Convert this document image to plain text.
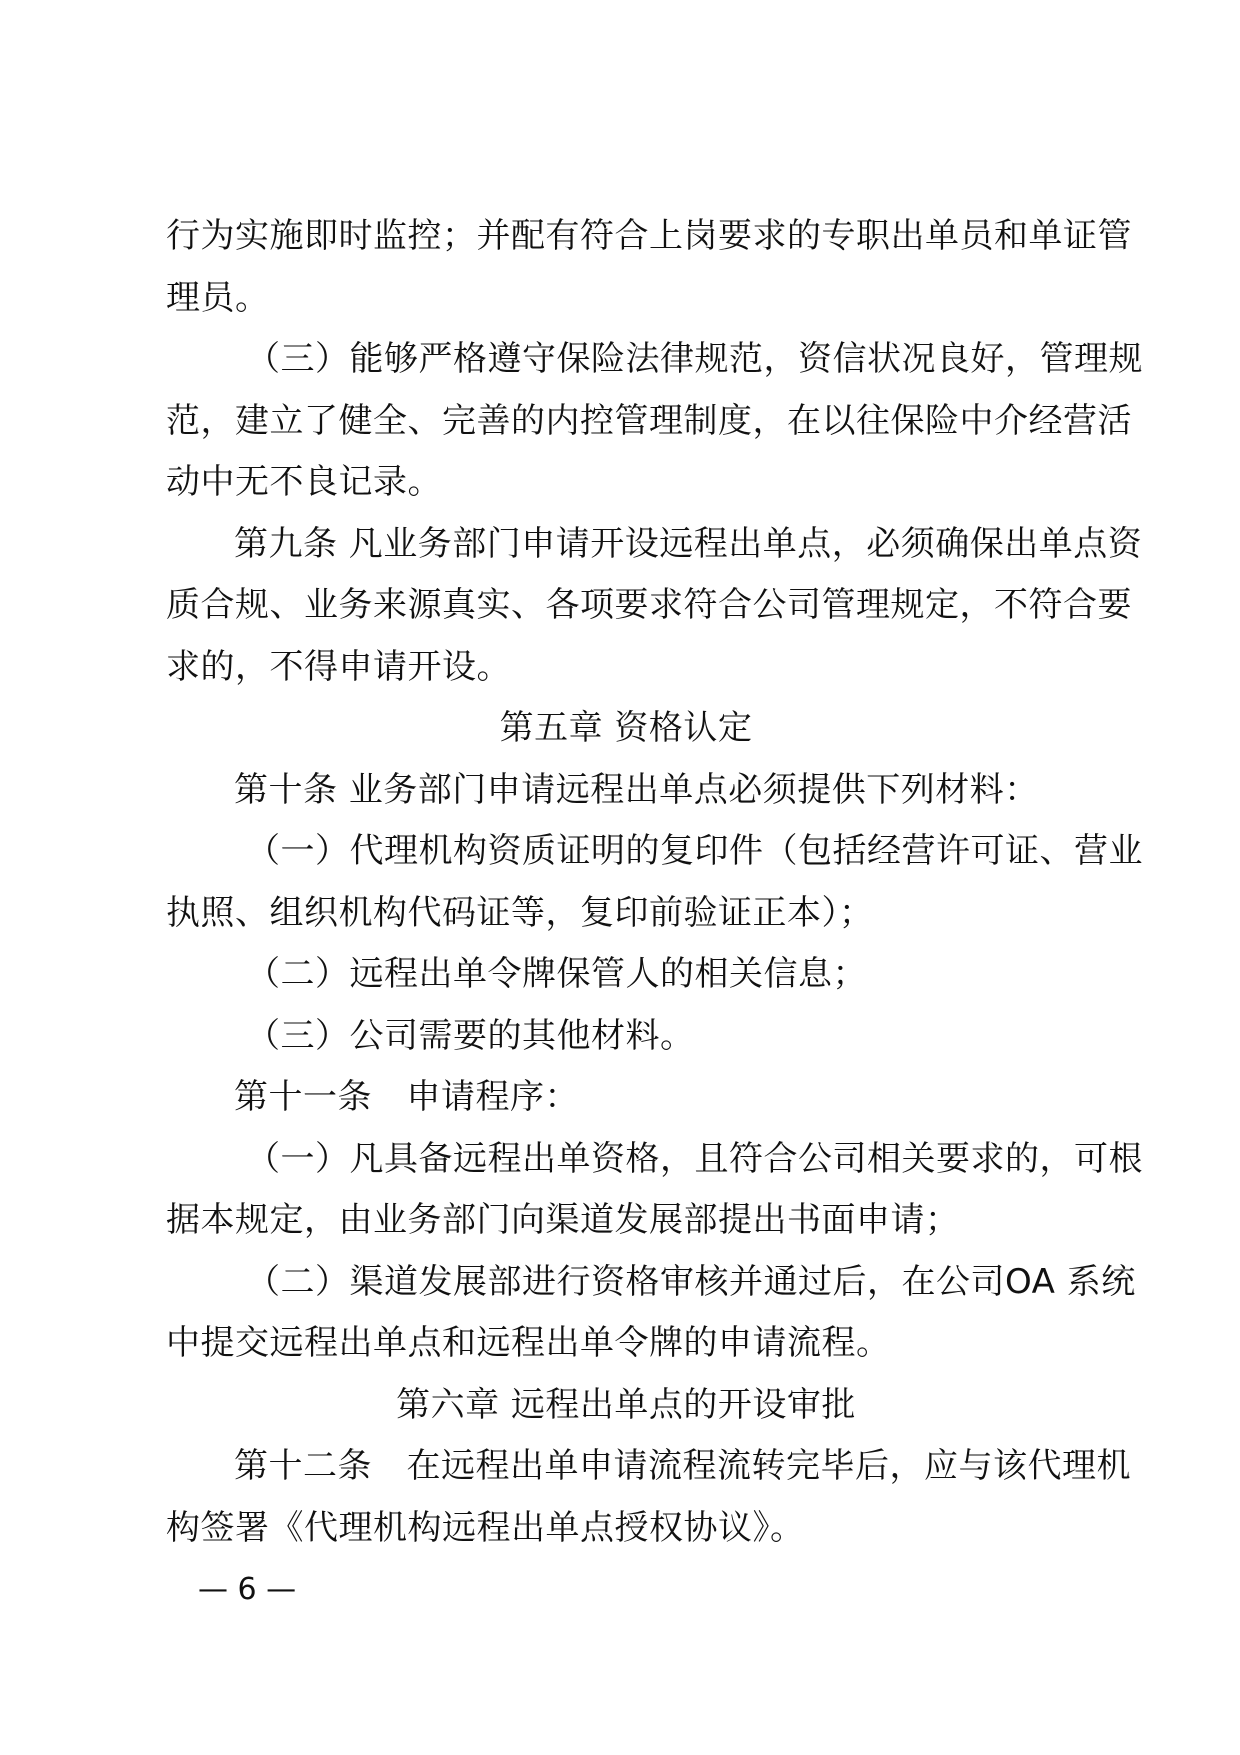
行为实施即时监控；并配有符合上岗要求的专职出单员和单证管
理员。
（三）能够严格遵守保险法律规范，资信状况良好，管理规
范，建立了健全、完善的内控管理制度，在以往保险中介经营活
动中无不良记录。
第九条 凡业务部门申请开设远程出单点，必须确保出单点资
质合规、业务来源真实、各项要求符合公司管理规定，不符合要
求的，不得申请开设。
第五章 资格认定
第十条 业务部门申请远程出单点必须提供下列材料：
（一）代理机构资质证明的复印件（包括经营许可证、营业
执照、组织机构代码证等，复印前验证正本）；
（二）远程出单令牌保管人的相关信息；
（三）公司需要的其他材料。
第十一条　申请程序：
（一）凡具备远程出单资格，且符合公司相关要求的，可根
据本规定，由业务部门向渠道发展部提出书面申请；
（二）渠道发展部进行资格审核并通过后，在公司OA 系统
中提交远程出单点和远程出单令牌的申请流程。
第六章 远程出单点的开设审批
第十二条　在远程出单申请流程流转完毕后，应与该代理机
构签署《代理机构远程出单点授权协议》。
— 6 —
